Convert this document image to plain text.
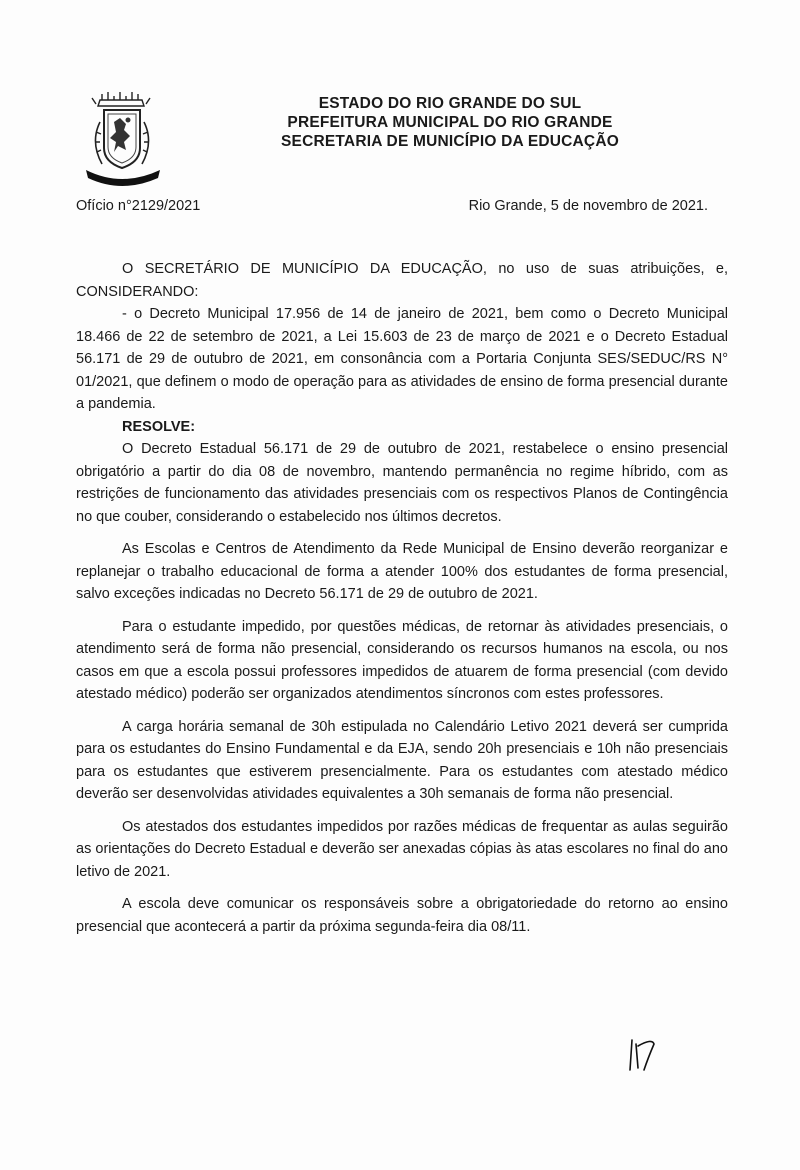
ESTADO DO RIO GRANDE DO SUL
PREFEITURA MUNICIPAL DO RIO GRANDE
SECRETARIA DE MUNICÍPIO DA EDUCAÇÃO
Ofício n°2129/2021	Rio Grande, 5 de novembro de 2021.

O SECRETÁRIO DE MUNICÍPIO DA EDUCAÇÃO, no uso de suas atribuições, e, CONSIDERANDO:

- o Decreto Municipal 17.956 de 14 de janeiro de 2021, bem como o Decreto Municipal 18.466 de 22 de setembro de 2021, a Lei 15.603 de 23 de março de 2021 e o Decreto Estadual 56.171 de 29 de outubro de 2021, em consonância com a Portaria Conjunta SES/SEDUC/RS N° 01/2021, que definem o modo de operação para as atividades de ensino de forma presencial durante a pandemia.

RESOLVE:

O Decreto Estadual 56.171 de 29 de outubro de 2021, restabelece o ensino presencial obrigatório a partir do dia 08 de novembro, mantendo permanência no regime híbrido, com as restrições de funcionamento das atividades presenciais com os respectivos Planos de Contingência no que couber, considerando o estabelecido nos últimos decretos.

As Escolas e Centros de Atendimento da Rede Municipal de Ensino deverão reorganizar e replanejar o trabalho educacional de forma a atender 100% dos estudantes de forma presencial, salvo exceções indicadas no Decreto 56.171 de 29 de outubro de 2021.

Para o estudante impedido, por questões médicas, de retornar às atividades presenciais, o atendimento será de forma não presencial, considerando os recursos humanos na escola, ou nos casos em que a escola possui professores impedidos de atuarem de forma presencial (com devido atestado médico) poderão ser organizados atendimentos síncronos com estes professores.

A carga horária semanal de 30h estipulada no Calendário Letivo 2021 deverá ser cumprida para os estudantes do Ensino Fundamental e da EJA, sendo 20h presenciais e 10h não presenciais para os estudantes que estiverem presencialmente. Para os estudantes com atestado médico deverão ser desenvolvidas atividades equivalentes a 30h semanais de forma não presencial.

Os atestados dos estudantes impedidos por razões médicas de frequentar as aulas seguirão as orientações do Decreto Estadual e deverão ser anexadas cópias às atas escolares no final do ano letivo de 2021.

A escola deve comunicar os responsáveis sobre a obrigatoriedade do retorno ao ensino presencial que acontecerá a partir da próxima segunda-feira dia 08/11.
